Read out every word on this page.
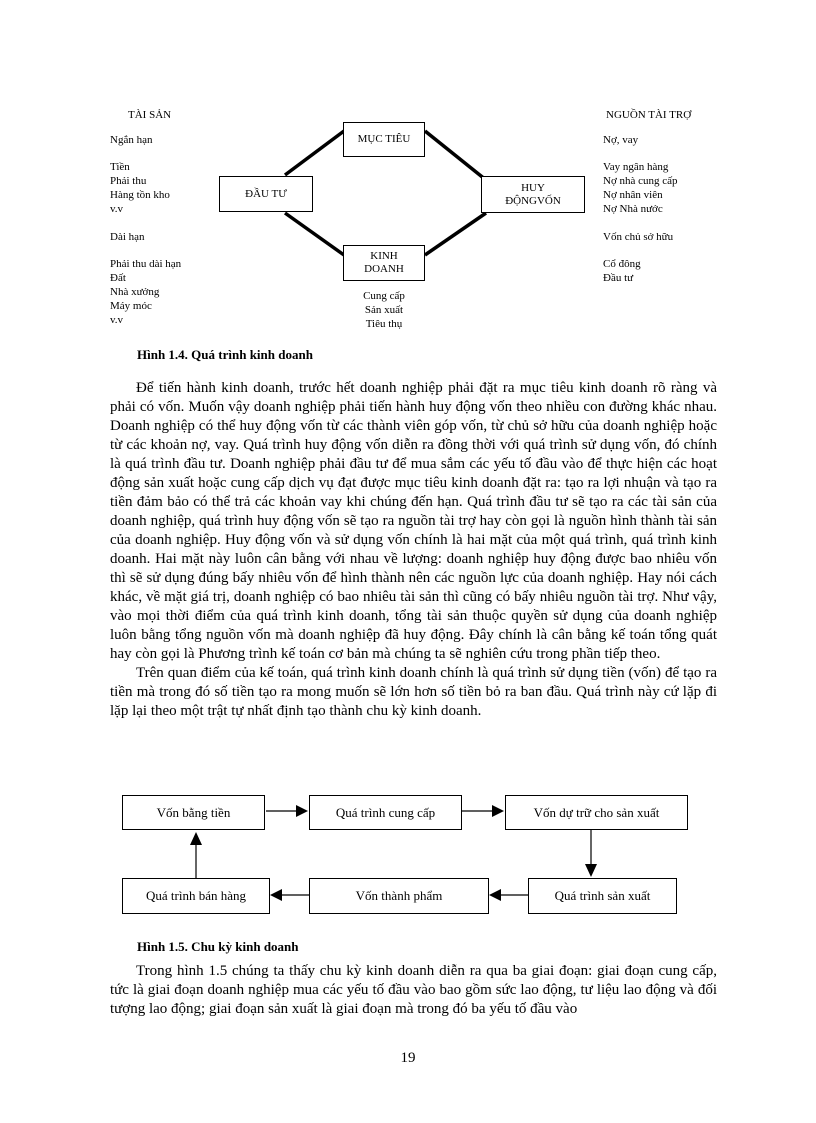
TÀI SẢN	NGUỒN TÀI TRỢ
Ngắn hạn
Tiền
Phải thu
Hàng tồn kho
v.v
Dài hạn
Phải thu dài hạn
Đất
Nhà xưởng
Máy móc
v.v
Nợ, vay
Vay ngân hàng
Nợ nhà cung cấp
Nợ nhân viên
Nợ Nhà nước
Vốn chủ sở hữu
Cổ đông
Đầu tư
MỤC TIÊU
ĐẦU TƯ	HUY
ĐỘNGVỐN
KINH
DOANH
Cung cấp
Sản xuất
Tiêu thụ
Hình 1.4. Quá trình kinh doanh

Để tiến hành kinh doanh, trước hết doanh nghiệp phải đặt ra mục tiêu kinh doanh rõ ràng và phải có vốn. Muốn vậy doanh nghiệp phải tiến hành huy động vốn theo nhiều con đường khác nhau. Doanh nghiệp có thể huy động vốn từ các thành viên góp vốn, từ chủ sở hữu của doanh nghiệp hoặc từ các khoản nợ, vay. Quá trình huy động vốn diễn ra đồng thời với quá trình sử dụng vốn, đó chính là quá trình đầu tư. Doanh nghiệp phải đầu tư để mua sắm các yếu tố đầu vào để thực hiện các hoạt động sản xuất hoặc cung cấp dịch vụ đạt được mục tiêu kinh doanh đặt ra: tạo ra lợi nhuận và tạo ra tiền đảm bảo có thể trả các khoản vay khi chúng đến hạn. Quá trình đầu tư sẽ tạo ra các tài sản của doanh nghiệp, quá trình huy động vốn sẽ tạo ra nguồn tài trợ hay còn gọi là nguồn hình thành tài sản của doanh nghiệp. Huy động vốn và sử dụng vốn chính là hai mặt của một quá trình, quá trình kinh doanh. Hai mặt này luôn cân bằng với nhau về lượng: doanh nghiệp huy động được bao nhiêu vốn thì sẽ sử dụng đúng bấy nhiêu vốn để hình thành nên các nguồn lực của doanh nghiệp. Hay nói cách khác, về mặt giá trị, doanh nghiệp có bao nhiêu tài sản thì cũng có bấy nhiêu nguồn tài trợ. Như vậy, vào mọi thời điểm của quá trình kinh doanh, tổng tài sản thuộc quyền sử dụng của doanh nghiệp luôn bằng tổng nguồn vốn mà doanh nghiệp đã huy động. Đây chính là cân bằng kế toán tổng quát hay còn gọi là Phương trình kế toán cơ bản mà chúng ta sẽ nghiên cứu trong phần tiếp theo.

Trên quan điểm của kế toán, quá trình kinh doanh chính là quá trình sử dụng tiền (vốn) để tạo ra tiền mà trong đó số tiền tạo ra mong muốn sẽ lớn hơn số tiền bỏ ra ban đầu. Quá trình này cứ lặp đi lặp lại theo một trật tự nhất định tạo thành chu kỳ kinh doanh.

Vốn bằng tiền	Quá trình cung cấp	Vốn dự trữ cho sản xuất
Quá trình sản xuất
Vốn thành phẩm
Quá trình bán hàng
Hình 1.5. Chu kỳ kinh doanh

Trong hình 1.5 chúng ta thấy chu kỳ kinh doanh diễn ra qua ba giai đoạn: giai đoạn cung cấp, tức là giai đoạn doanh nghiệp mua các yếu tố đầu vào bao gồm sức lao động, tư liệu lao động và đối tượng lao động; giai đoạn sản xuất là giai đoạn mà trong đó ba yếu tố đầu vào

19
